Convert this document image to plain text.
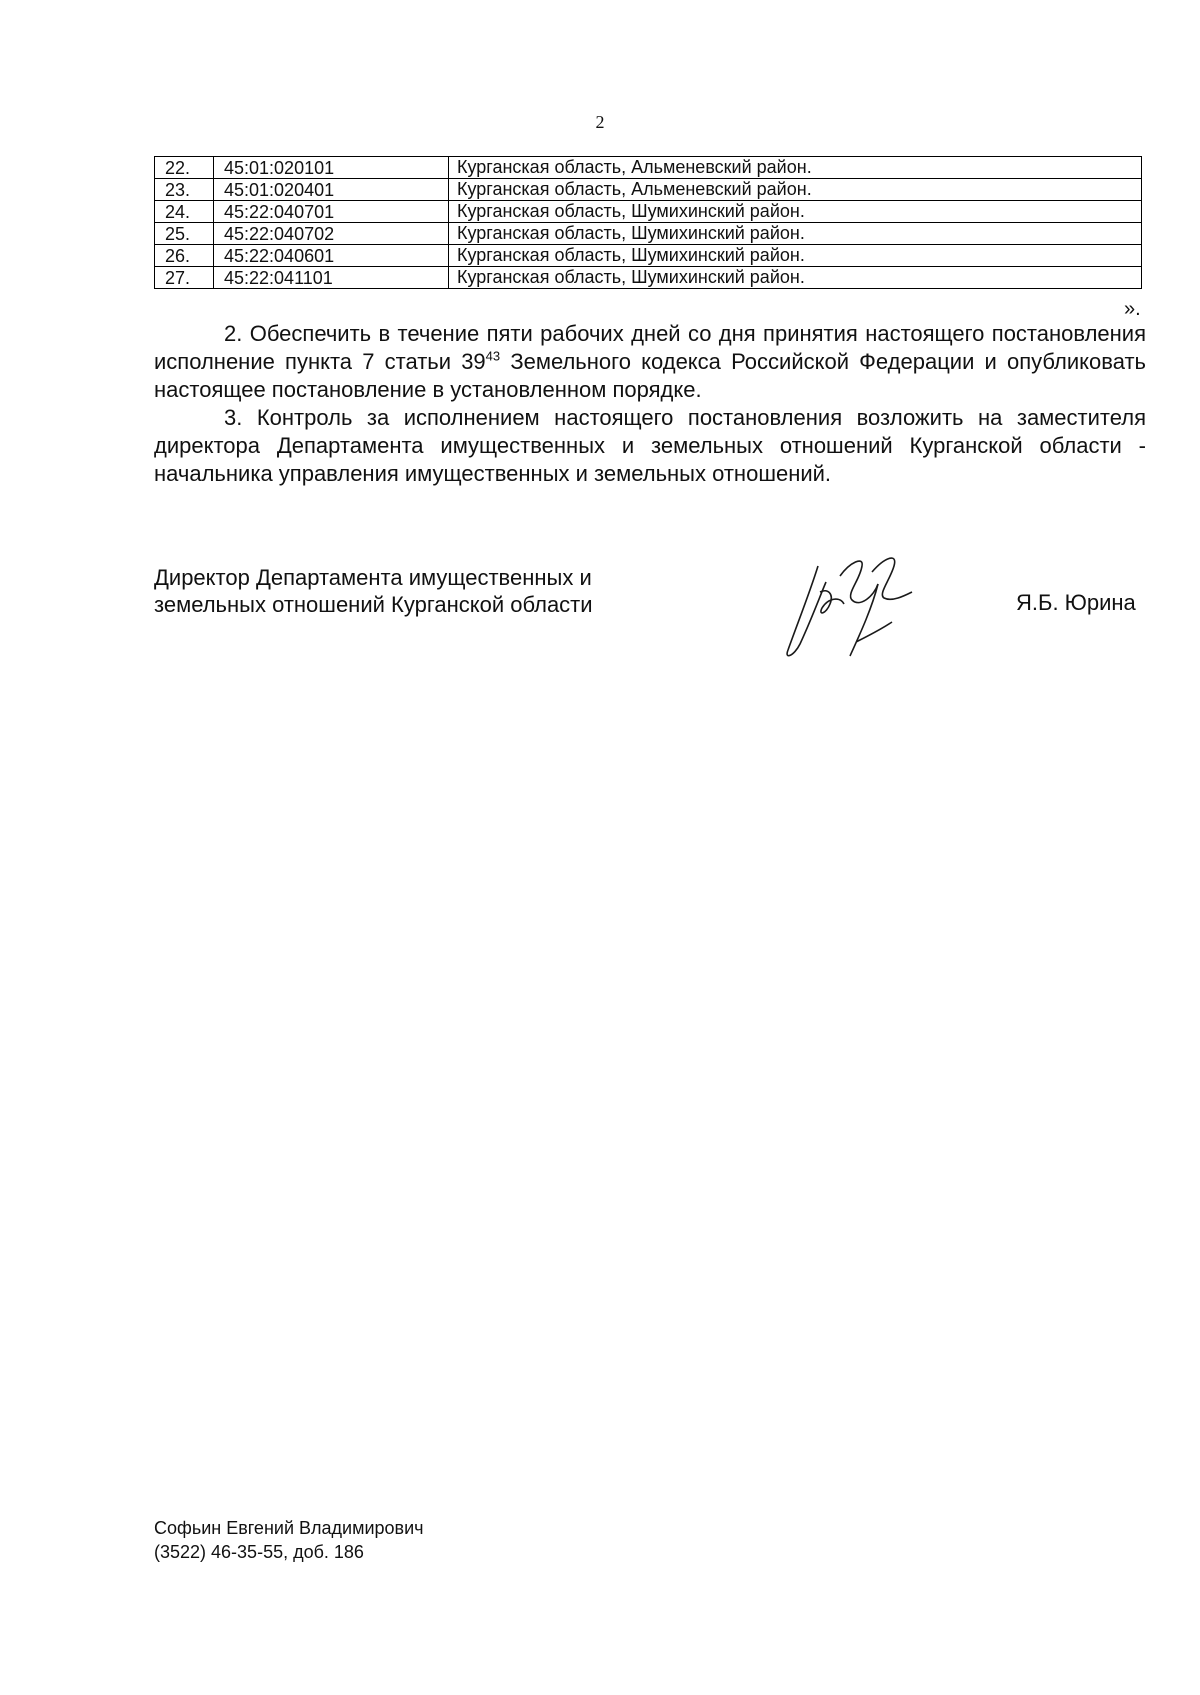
2
22.	45:01:020101	Курганская область, Альменевский район.
23.	45:01:020401	Курганская область, Альменевский район.
24.	45:22:040701	Курганская область, Шумихинский район.
25.	45:22:040702	Курганская область, Шумихинский район.
26.	45:22:040601	Курганская область, Шумихинский район.
27.	45:22:041101	Курганская область, Шумихинский район.
».

2. Обеспечить в течение пяти рабочих дней со дня принятия настоящего постановления исполнение пункта 7 статьи $39^{43}$ Земельного кодекса Российской Федерации и опубликовать настоящее постановление в установленном порядке.

3. Контроль за исполнением настоящего постановления возложить на заместителя директора Департамента имущественных и земельных отношений Курганской области - начальника управления имущественных и земельных отношений.

Директор Департамента имущественных и
земельных отношений Курганской области	Я.Б. Юрина
Софьин Евгений Владимирович
(3522) 46-35-55, доб. 186
